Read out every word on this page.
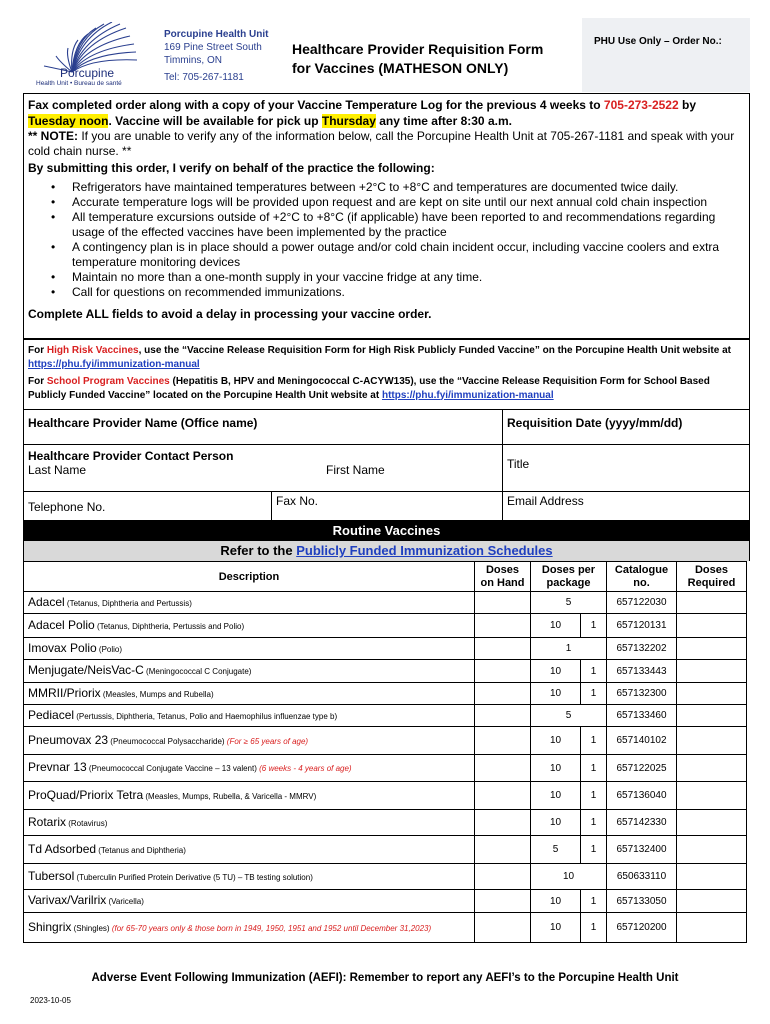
Porcupine
Health Unit • Bureau de santé
Porcupine Health Unit
169 Pine Street South
Timmins, ON
Tel: 705-267-1181
Healthcare Provider Requisition Form
for Vaccines (MATHESON ONLY)
PHU Use Only – Order No.:
Fax completed order along with a copy of your Vaccine Temperature Log for the previous 4 weeks to 705-273-2522 by
Tuesday noon. Vaccine will be available for pick up Thursday any time after 8:30 a.m.
** NOTE: If you are unable to verify any of the information below, call the Porcupine Health Unit at 705-267-1181 and speak with your cold chain nurse. **
By submitting this order, I verify on behalf of the practice the following:
• Refrigerators have maintained temperatures between +2°C to +8°C and temperatures are documented twice daily.
• Accurate temperature logs will be provided upon request and are kept on site until our next annual cold chain inspection
• All temperature excursions outside of +2°C to +8°C (if applicable) have been reported to and recommendations regarding usage of the effected vaccines have been implemented by the practice
• A contingency plan is in place should a power outage and/or cold chain incident occur, including vaccine coolers and extra temperature monitoring devices
• Maintain no more than a one-month supply in your vaccine fridge at any time.
• Call for questions on recommended immunizations.
Complete ALL fields to avoid a delay in processing your vaccine order.
For High Risk Vaccines, use the “Vaccine Release Requisition Form for High Risk Publicly Funded Vaccine” on the Porcupine Health Unit website at https://phu.fyi/immunization-manual
For School Program Vaccines (Hepatitis B, HPV and Meningococcal C-ACYW135), use the “Vaccine Release Requisition Form for School Based Publicly Funded Vaccine” located on the Porcupine Health Unit website at https://phu.fyi/immunization-manual
Healthcare Provider Name (Office name)	Requisition Date (yyyy/mm/dd)
Healthcare Provider Contact Person
Last Name	First Name	Title
Telephone No.	Fax No.	Email Address
Routine Vaccines
Refer to the Publicly Funded Immunization Schedules
Description	Doses on Hand	Doses per package		Catalogue no.	Doses Required
Adacel (Tetanus, Diphtheria and Pertussis)		5		657122030	
Adacel Polio (Tetanus, Diphtheria, Pertussis and Polio)		10	1	657120131	
Imovax Polio (Polio)		1		657132202	
Menjugate/NeisVac-C (Meningococcal C Conjugate)		10	1	657133443	
MMRII/Priorix (Measles, Mumps and Rubella)		10	1	657132300	
Pediacel (Pertussis, Diphtheria, Tetanus, Polio and Haemophilus influenzae type b)		5		657133460	
Pneumovax 23 (Pneumococcal Polysaccharide) (For ≥ 65 years of age)		10	1	657140102	
Prevnar 13 (Pneumococcal Conjugate Vaccine – 13 valent) (6 weeks - 4 years of age)		10	1	657122025	
ProQuad/Priorix Tetra (Measles, Mumps, Rubella, & Varicella - MMRV)		10	1	657136040	
Rotarix (Rotavirus)		10	1	657142330	
Td Adsorbed (Tetanus and Diphtheria)		5	1	657132400	
Tubersol (Tuberculin Purified Protein Derivative (5 TU) – TB testing solution)		10		650633110	
Varivax/Varilrix (Varicella)		10	1	657133050	
Shingrix (Shingles) (for 65-70 years only & those born in 1949, 1950, 1951 and 1952 until December 31,2023)		10	1	657120200	
Adverse Event Following Immunization (AEFI): Remember to report any AEFI’s to the Porcupine Health Unit
2023-10-05
